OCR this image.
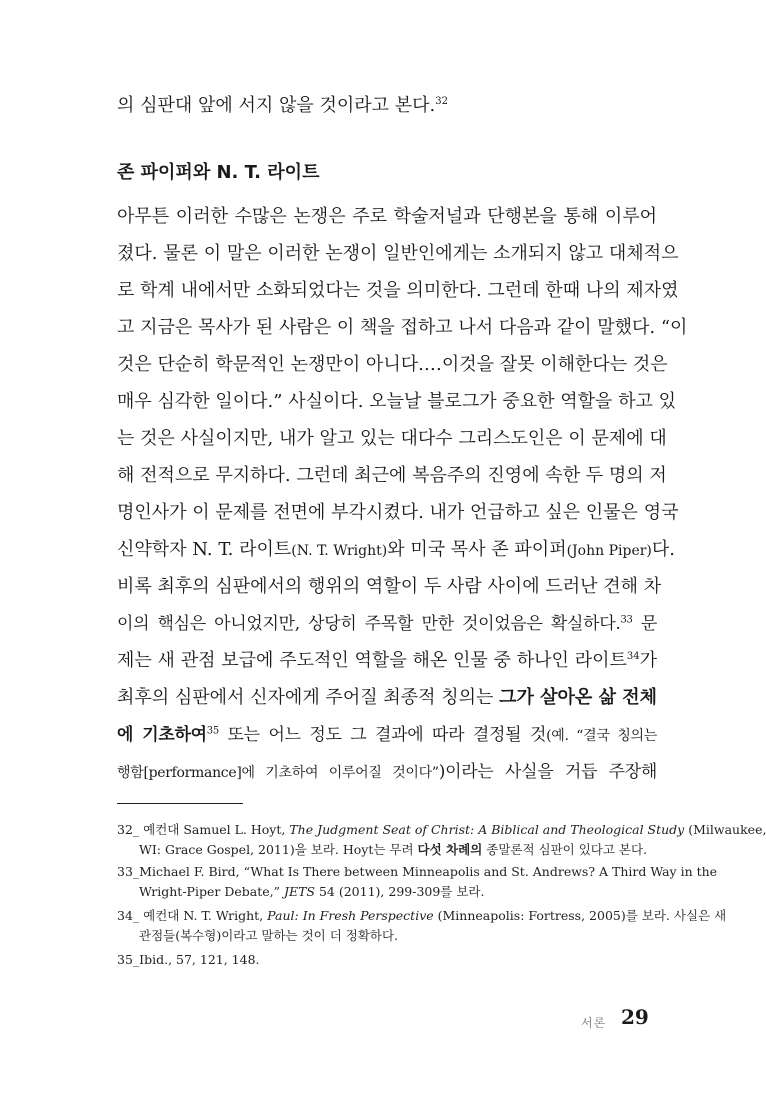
의 심판대 앞에 서지 않을 것이라고 본다.$^{32}$
존 파이퍼와 N. T. 라이트
아무튼 이러한 수많은 논쟁은 주로 학술저널과 단행본을 통해 이루어
졌다. 물론 이 말은 이러한 논쟁이 일반인에게는 소개되지 않고 대체적으
로 학계 내에서만 소화되었다는 것을 의미한다. 그런데 한때 나의 제자였
고 지금은 목사가 된 사람은 이 책을 접하고 나서 다음과 같이 말했다. “이
것은 단순히 학문적인 논쟁만이 아니다.…이것을 잘못 이해한다는 것은
매우 심각한 일이다.” 사실이다. 오늘날 블로그가 중요한 역할을 하고 있
는 것은 사실이지만, 내가 알고 있는 대다수 그리스도인은 이 문제에 대
해 전적으로 무지하다. 그런데 최근에 복음주의 진영에 속한 두 명의 저
명인사가 이 문제를 전면에 부각시켰다. 내가 언급하고 싶은 인물은 영국
신약학자 N. T. 라이트(N. T. Wright)와 미국 목사 존 파이퍼(John Piper)다.
비록 최후의 심판에서의 행위의 역할이 두 사람 사이에 드러난 견해 차
이의 핵심은 아니었지만, 상당히 주목할 만한 것이었음은 확실하다.$^{33}$ 문
제는 새 관점 보급에 주도적인 역할을 해온 인물 중 하나인 라이트$^{34}$가
최후의 심판에서 신자에게 주어질 최종적 칭의는 그가 살아온 삶 전체
에 기초하여$^{35}$ 또는 어느 정도 그 결과에 따라 결정될 것(예. “결국 칭의는
행함[performance]에 기초하여 이루어질 것이다”)이라는 사실을 거듭 주장해
32_ 예컨대 Samuel L. Hoyt, The Judgment Seat of Christ: A Biblical and Theological Study (Milwaukee,
WI: Grace Gospel, 2011)을 보라. Hoyt는 무려 다섯 차례의 종말론적 심판이 있다고 본다.
33_Michael F. Bird, “What Is There between Minneapolis and St. Andrews? A Third Way in the
Wright-Piper Debate,” JETS 54 (2011), 299-309를 보라.
34_ 예컨대 N. T. Wright, Paul: In Fresh Perspective (Minneapolis: Fortress, 2005)를 보라. 사실은 새
관점들(복수형)이라고 말하는 것이 더 정확하다.
35_Ibid., 57, 121, 148.
서론 29
